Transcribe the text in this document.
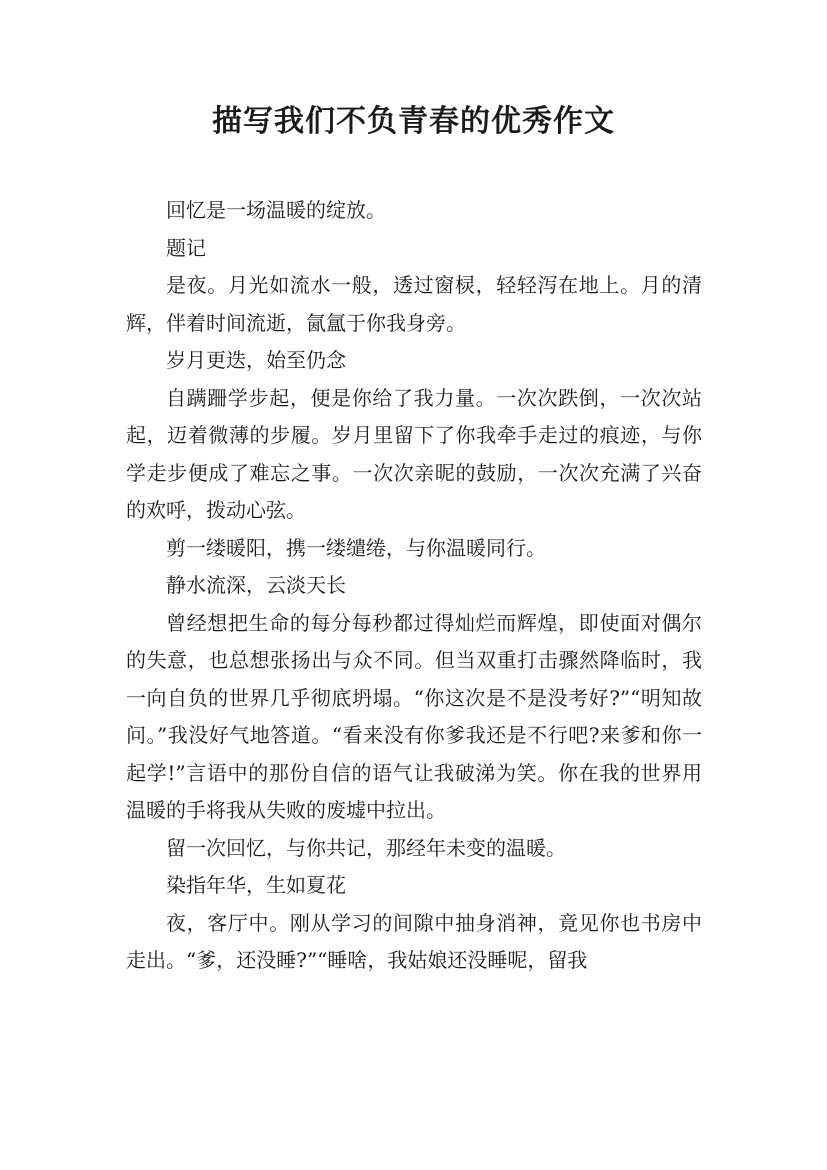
描写我们不负青春的优秀作文

回忆是一场温暖的绽放。

题记

是夜。月光如流水一般，透过窗棂，轻轻泻在地上。月的清辉，伴着时间流逝，氤氲于你我身旁。

岁月更迭，始至仍念

自蹒跚学步起，便是你给了我力量。一次次跌倒，一次次站起，迈着微薄的步履。岁月里留下了你我牵手走过的痕迹，与你学走步便成了难忘之事。一次次亲昵的鼓励，一次次充满了兴奋的欢呼，拨动心弦。

剪一缕暖阳，携一缕缱绻，与你温暖同行。

静水流深，云淡天长

曾经想把生命的每分每秒都过得灿烂而辉煌，即使面对偶尔的失意，也总想张扬出与众不同。但当双重打击骤然降临时，我一向自负的世界几乎彻底坍塌。“你这次是不是没考好?”“明知故问。”我没好气地答道。“看来没有你爹我还是不行吧?来爹和你一起学!”言语中的那份自信的语气让我破涕为笑。你在我的世界用温暖的手将我从失败的废墟中拉出。

留一次回忆，与你共记，那经年未变的温暖。

染指年华，生如夏花

夜，客厅中。刚从学习的间隙中抽身消神，竟见你也书房中走出。“爹，还没睡?”“睡啥，我姑娘还没睡呢，留我
